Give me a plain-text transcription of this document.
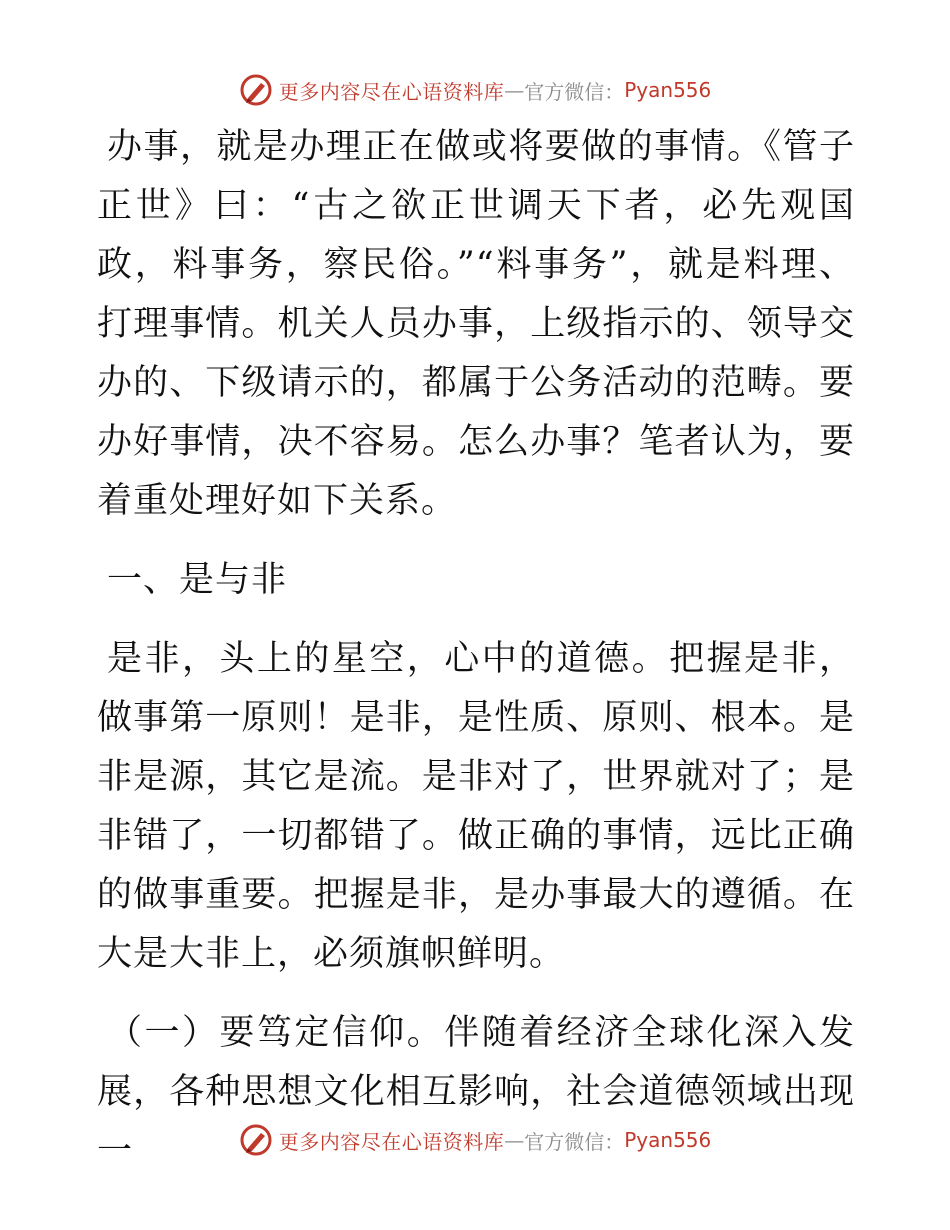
更多内容尽在心语资料库 — 官方微信： Pyan556

办事，就是办理正在做或将要做的事情。《管子 正世》曰：“古之欲正世调天下者，必先观国政，料事务，察民俗。”“料事务”，就是料理、打理事情。机关人员办事，上级指示的、领导交办的、下级请示的，都属于公务活动的范畴。要办好事情，决不容易。怎么办事？笔者认为，要着重处理好如下关系。

一、是与非

是非，头上的星空，心中的道德。把握是非，做事第一原则！是非，是性质、原则、根本。是非是源，其它是流。是非对了，世界就对了；是非错了，一切都错了。做正确的事情，远比正确的做事重要。把握是非，是办事最大的遵循。在大是大非上，必须旗帜鲜明。

（一）要笃定信仰。伴随着经济全球化深入发展，各种思想文化相互影响，社会道德领域出现一	更多内容尽在心语资料库 — 官方微信： Pyan556
